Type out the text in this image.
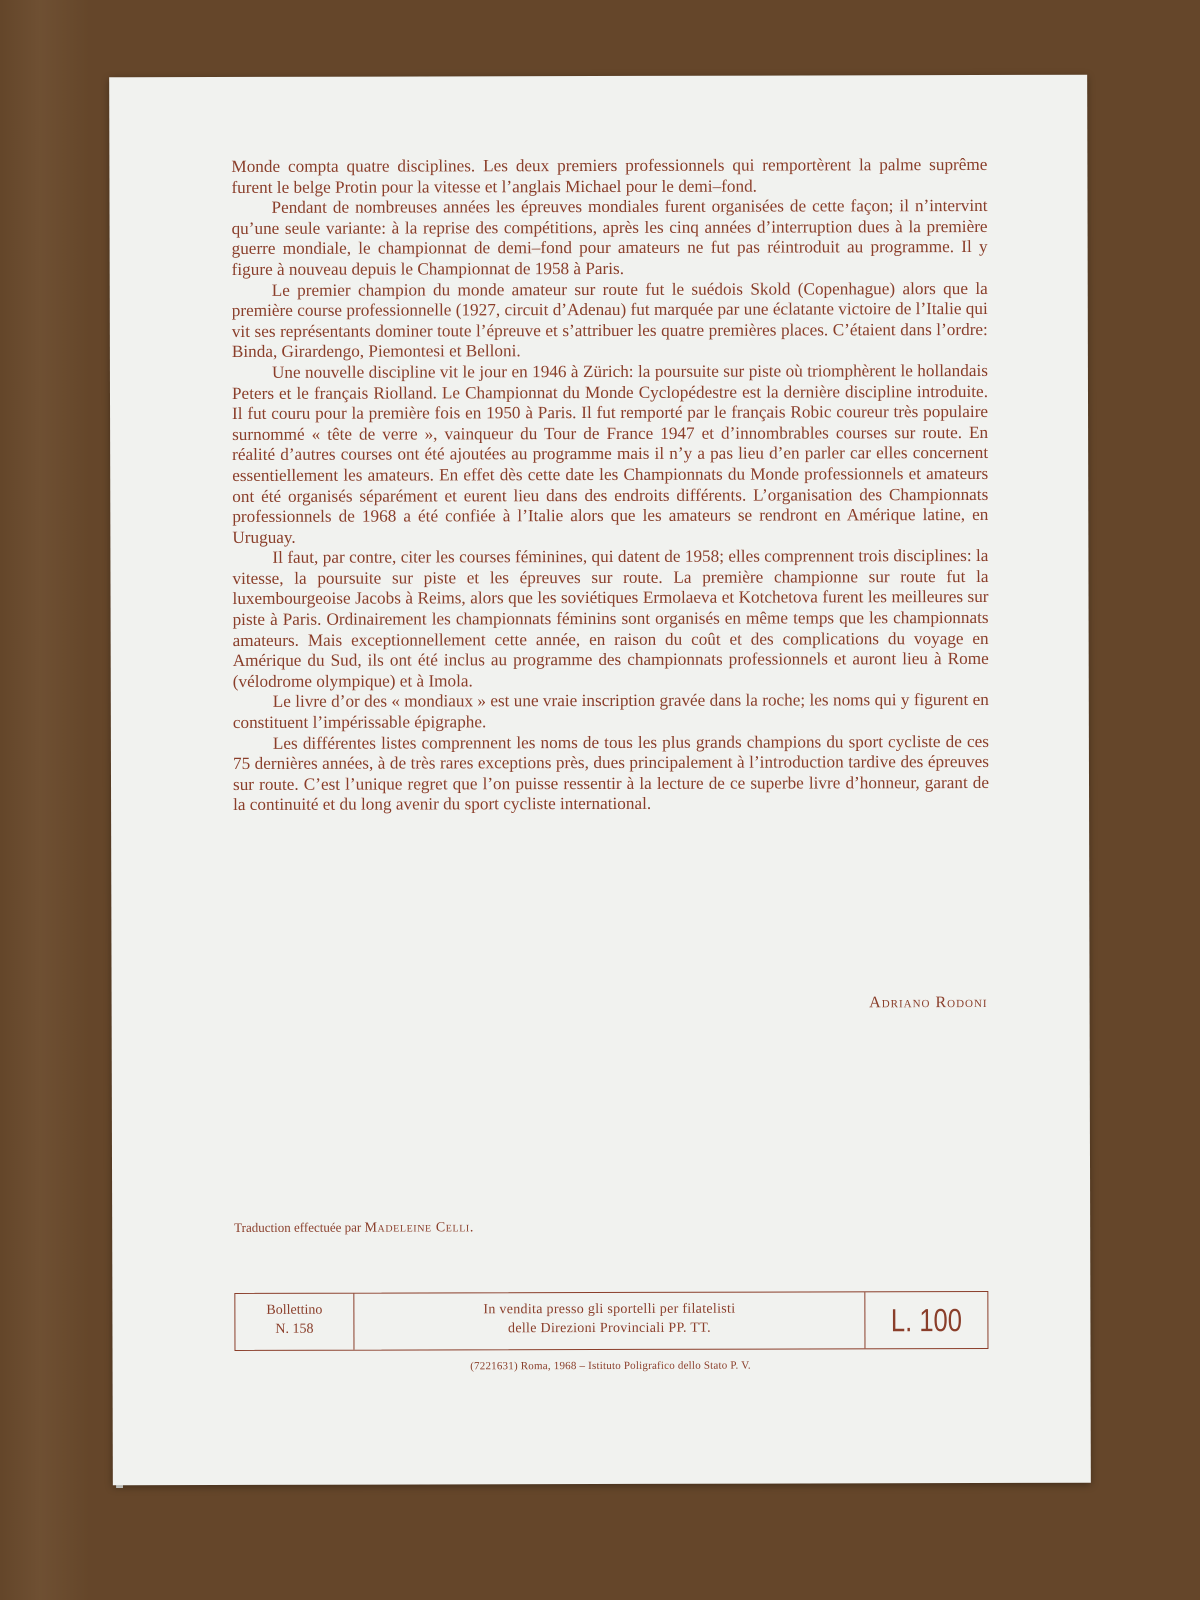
Monde compta quatre disciplines. Les deux premiers professionnels qui remportèrent la palme suprême furent le belge Protin pour la vitesse et l’anglais Michael pour le demi–fond.

Pendant de nombreuses années les épreuves mondiales furent organisées de cette façon; il n’intervint qu’une seule variante: à la reprise des compétitions, après les cinq années d’interruption dues à la première guerre mondiale, le championnat de demi–fond pour amateurs ne fut pas réintroduit au programme. Il y figure à nouveau depuis le Championnat de 1958 à Paris.

Le premier champion du monde amateur sur route fut le suédois Skold (Copenhague) alors que la première course professionnelle (1927, circuit d’Adenau) fut marquée par une éclatante victoire de l’Italie qui vit ses représentants dominer toute l’épreuve et s’attribuer les quatre premières places. C’étaient dans l’ordre: Binda, Girardengo, Piemontesi et Belloni.

Une nouvelle discipline vit le jour en 1946 à Zürich: la poursuite sur piste où triomphèrent le hollandais Peters et le français Riolland. Le Championnat du Monde Cyclopédestre est la dernière discipline introduite. Il fut couru pour la première fois en 1950 à Paris. Il fut remporté par le français Robic coureur très populaire surnommé « tête de verre », vainqueur du Tour de France 1947 et d’innombrables courses sur route. En réalité d’autres courses ont été ajoutées au programme mais il n’y a pas lieu d’en parler car elles concernent essentiellement les amateurs. En effet dès cette date les Championnats du Monde professionnels et amateurs ont été organisés séparément et eurent lieu dans des endroits différents. L’organisation des Championnats professionnels de 1968 a été confiée à l’Italie alors que les amateurs se rendront en Amérique latine, en Uruguay.

Il faut, par contre, citer les courses féminines, qui datent de 1958; elles comprennent trois disciplines: la vitesse, la poursuite sur piste et les épreuves sur route. La première championne sur route fut la luxembourgeoise Jacobs à Reims, alors que les soviétiques Ermolaeva et Kotchetova furent les meilleures sur piste à Paris. Ordinairement les championnats féminins sont organisés en même temps que les championnats amateurs. Mais exceptionnellement cette année, en raison du coût et des complications du voyage en Amérique du Sud, ils ont été inclus au programme des championnats professionnels et auront lieu à Rome (vélodrome olympique) et à Imola.

Le livre d’or des « mondiaux » est une vraie inscription gravée dans la roche; les noms qui y figurent en constituent l’impérissable épigraphe.

Les différentes listes comprennent les noms de tous les plus grands champions du sport cycliste de ces 75 dernières années, à de très rares exceptions près, dues principalement à l’introduction tardive des épreuves sur route. C’est l’unique regret que l’on puisse ressentir à la lecture de ce superbe livre d’honneur, garant de la continuité et du long avenir du sport cycliste international.

Adriano Rodoni
Traduction effectuée par Madeleine Celli.
Bollettino
N. 158
In vendita presso gli sportelli per filatelisti
delle Direzioni Provinciali PP. TT.	L. 100
(7221631) Roma, 1968 – Istituto Poligrafico dello Stato P. V.
